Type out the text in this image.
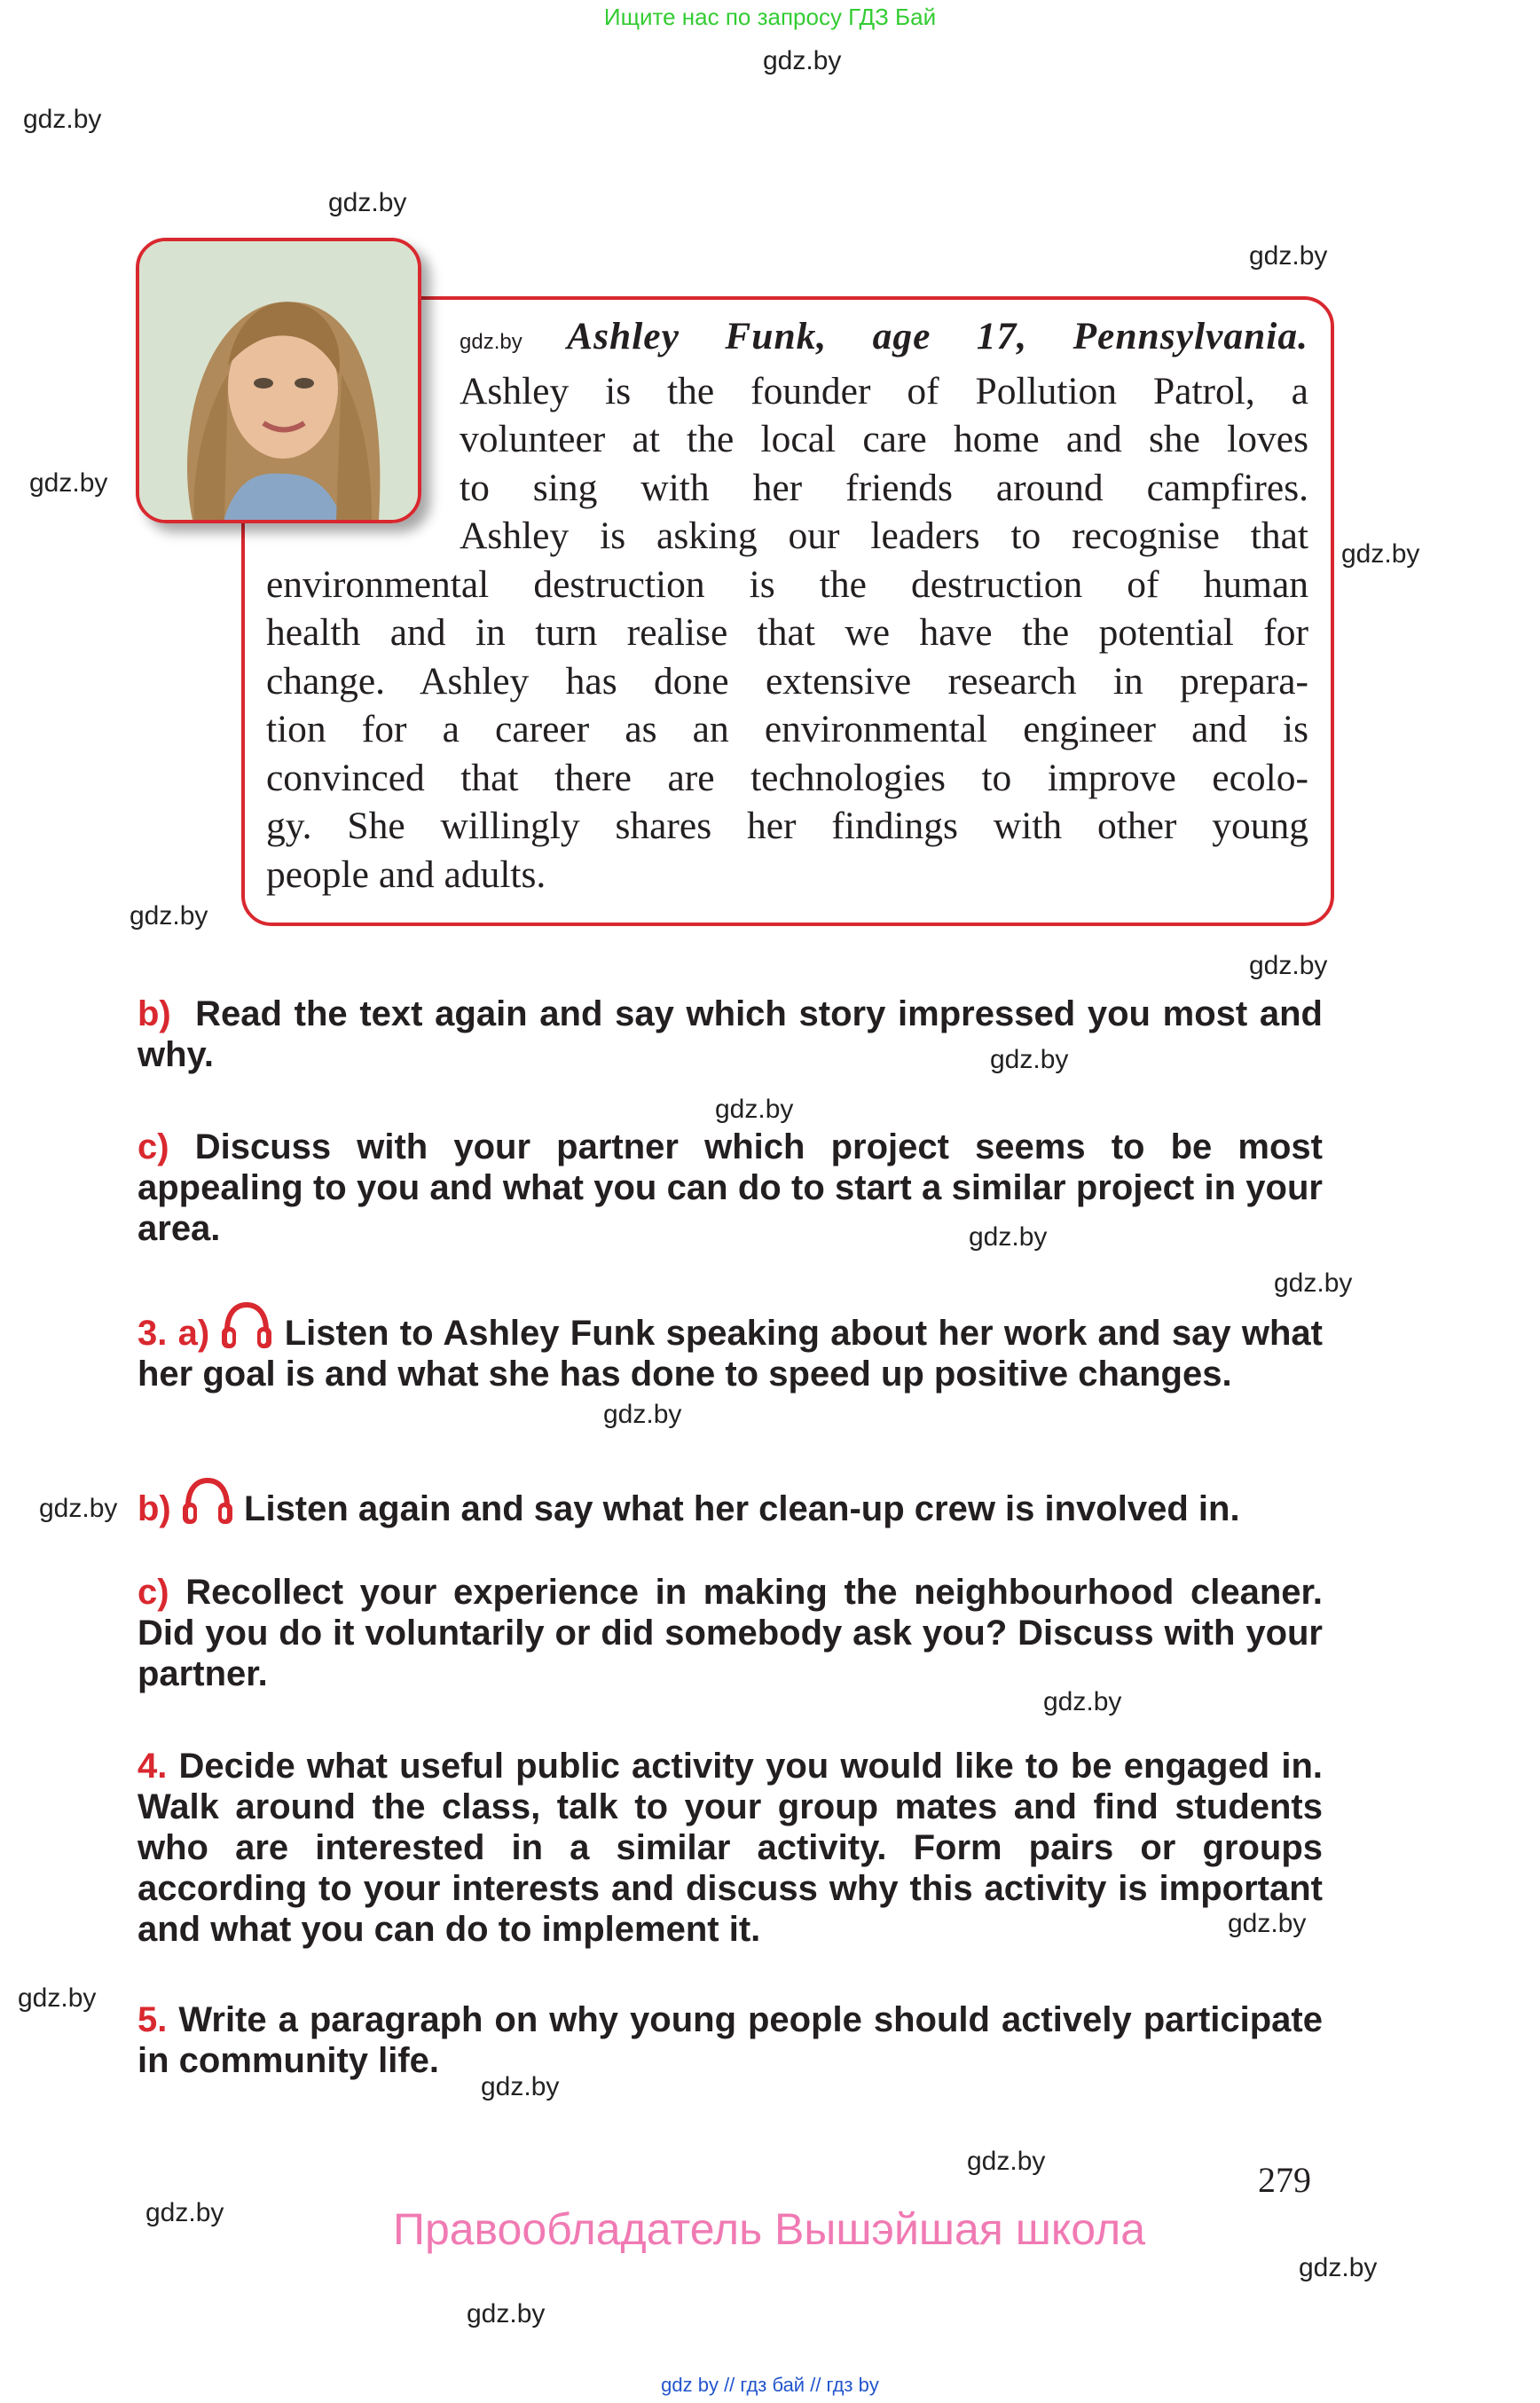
Ищите нас по запросу ГДЗ Бай
gdz.by
gdz.by
gdz.by
gdz.by
gdz.by
gdz.by
gdz.by
gdz.by
gdz.by
gdz.by
gdz.by
gdz.by
gdz.by
gdz.by
gdz.by
gdz.by
gdz.by
gdz.by
gdz.by
gdz.by
gdz.by
gdz.by
gdz.by Ashley Funk, age 17, Pennsylvania.
Ashley is the founder of Pollution Patrol, a
volunteer at the local care home and she loves
to sing with her friends around campfires.
Ashley is asking our leaders to recognise that
environmental destruction is the destruction of human
health and in turn realise that we have the potential for
change. Ashley has done extensive research in prepara-
tion for a career as an environmental engineer and is
convinced that there are technologies to improve ecolo-
gy. She willingly shares her findings with other young
people and adults.
b) Read the text again and say which story impressed you most and why.
c) Discuss with your partner which project seems to be most appealing to you and what you can do to start a similar project in your area.
3. a) Listen to Ashley Funk speaking about her work and say what her goal is and what she has done to speed up positive changes.
b) Listen again and say what her clean-up crew is involved in.
c) Recollect your experience in making the neighbourhood cleaner. Did you do it voluntarily or did somebody ask you? Discuss with your partner.
4. Decide what useful public activity you would like to be engaged in. Walk around the class, talk to your group mates and find students who are interested in a similar activity. Form pairs or groups according to your interests and discuss why this activity is important and what you can do to implement it.
5. Write a paragraph on why young people should actively participate in community life.
279
Правообладатель Вышэйшая школа
gdz by // гдз бай // гдз by
